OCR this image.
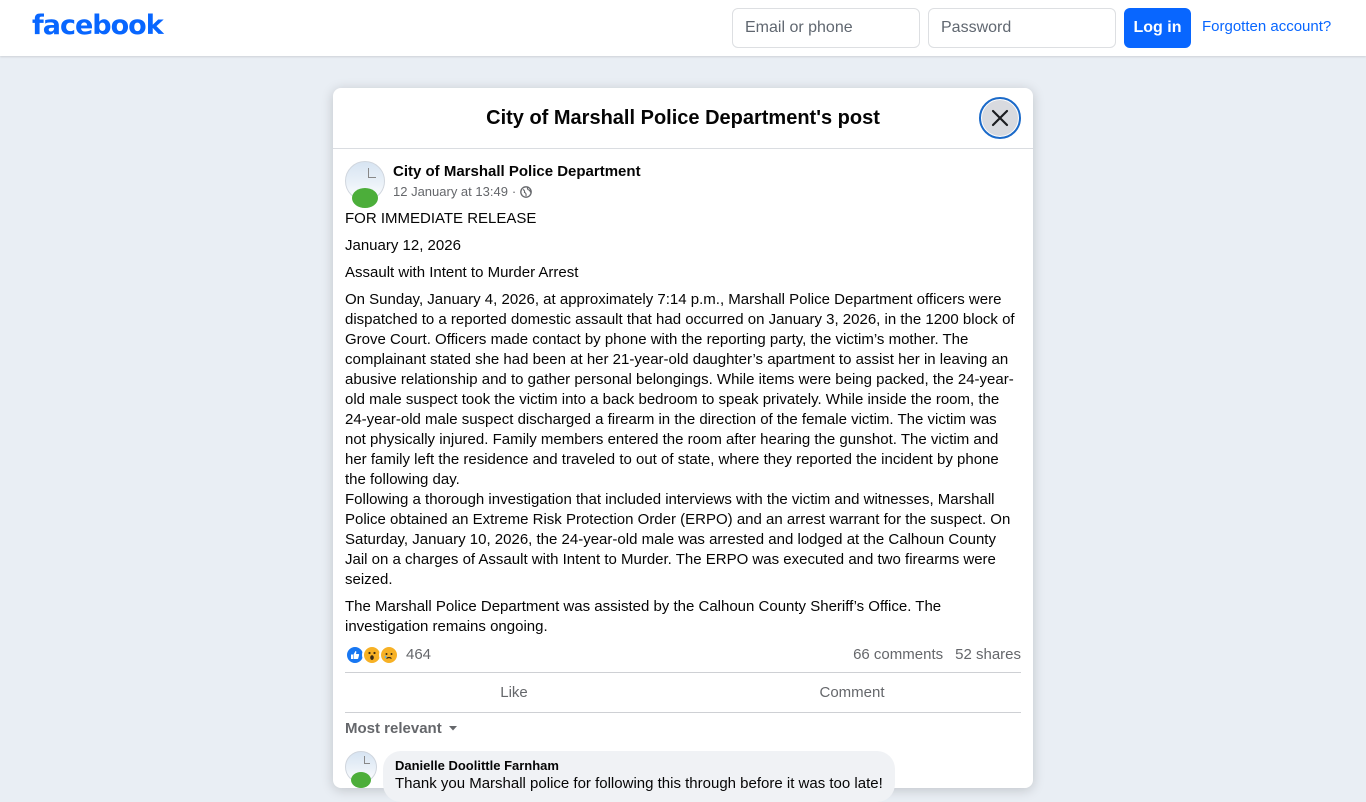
facebook
Email or phone	Log in	Forgotten account?
City of Marshall Police Department's post
City of Marshall Police Department
12 January at 13:49 ·

FOR IMMEDIATE RELEASE

January 12, 2026

Assault with Intent to Murder Arrest

On Sunday, January 4, 2026, at approximately 7:14 p.m., Marshall Police Department officers were dispatched to a reported domestic assault that had occurred on January 3, 2026, in the 1200 block of Grove Court. Officers made contact by phone with the reporting party, the victim’s mother. The complainant stated she had been at her 21-year-old daughter’s apartment to assist her in leaving an abusive relationship and to gather personal belongings. While items were being packed, the 24-year-old male suspect took the victim into a back bedroom to speak privately. While inside the room, the 24-year-old male suspect discharged a firearm in the direction of the female victim. The victim was not physically injured. Family members entered the room after hearing the gunshot. The victim and her family left the residence and traveled to out of state, where they reported the incident by phone the following day.

Following a thorough investigation that included interviews with the victim and witnesses, Marshall Police obtained an Extreme Risk Protection Order (ERPO) and an arrest warrant for the suspect. On Saturday, January 10, 2026, the 24-year-old male was arrested and lodged at the Calhoun County Jail on a charges of Assault with Intent to Murder. The ERPO was executed and two firearms were seized.

The Marshall Police Department was assisted by the Calhoun County Sheriff’s Office. The investigation remains ongoing.

464	66 comments 52 shares
Like	Comment
Most relevant
Danielle Doolittle Farnham
Thank you Marshall police for following this through before it was too late!
